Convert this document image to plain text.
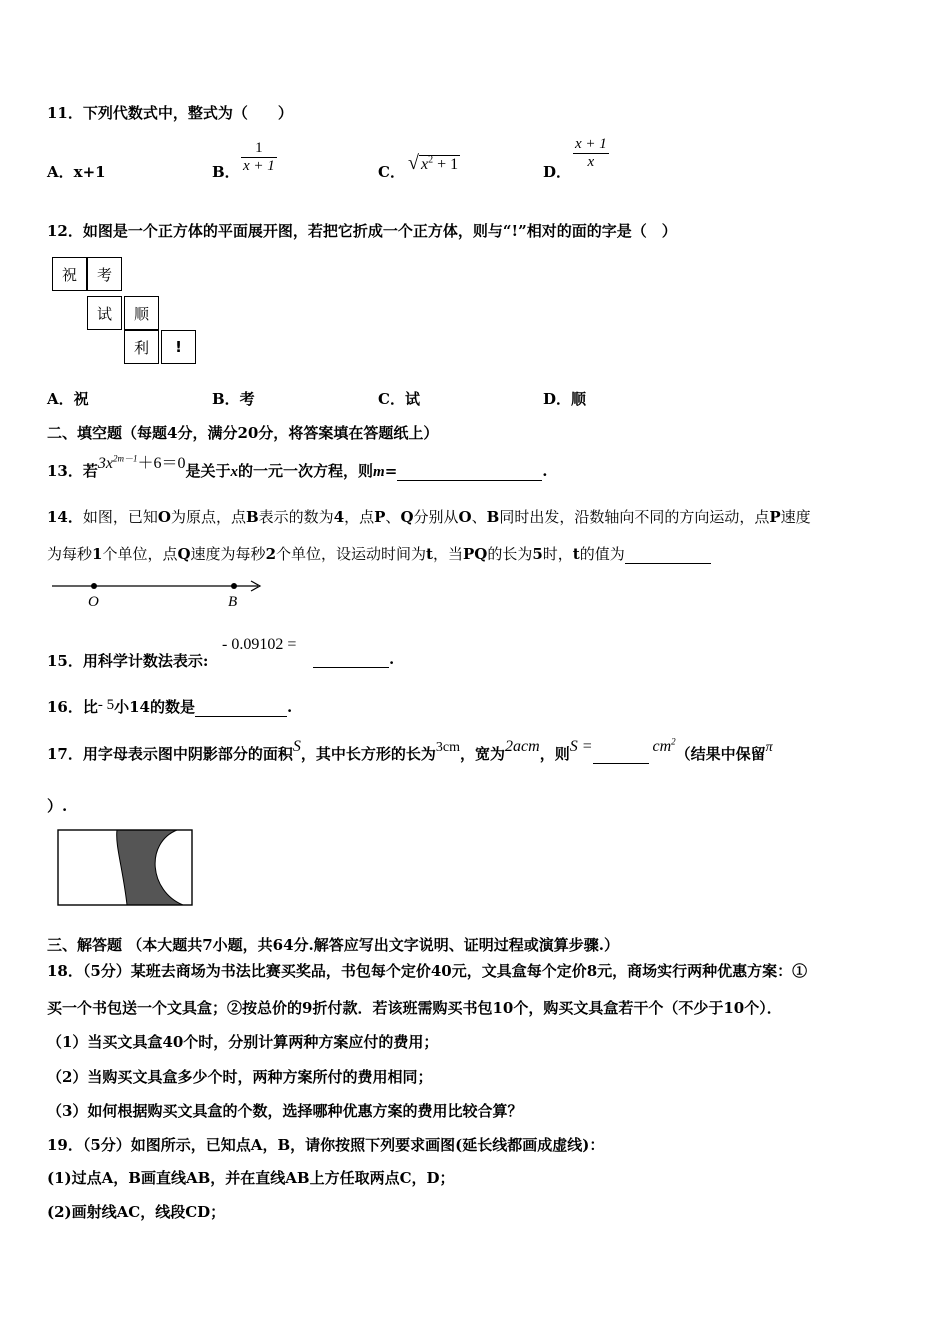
11．下列代数式中，整式为（　　）
A．x+1	B． $\frac{1}{x + 1}$	C． √ $x^2 + 1$	D．
$\frac{x + 1}{x}$
12．如图是一个正方体的平面展开图，若把它折成一个正方体，则与“!”相对的面的字是（　）
祝	考
试	顺
利	!
A．祝	B．考	C．试	D．顺
二、填空题（每题4分，满分20分，将答案填在答题纸上）
13．若$3x^{2m-1}+6=0$是关于x的一元一次方程，则m=	.
14．如图，已知O为原点，点B表示的数为4，点P、Q分别从O、B同时出发，沿数轴向不同的方向运动，点P速度
为每秒1个单位，点Q速度为每秒2个单位，设运动时间为t，当PQ的长为5时，t的值为
O	B
15．用科学计数法表示:
- 0.09102 =
.
16．比- 5小14的数是	.
17．用字母表示图中阴影部分的面积S，其中长方形的长为3cm，宽为2acm，则S =	$cm^2$（结果中保留π
）.
三、解答题 （本大题共7小题，共64分.解答应写出文字说明、证明过程或演算步骤.）
18．（5分）某班去商场为书法比赛买奖品，书包每个定价40元，文具盒每个定价8元，商场实行两种优惠方案：①
买一个书包送一个文具盒；②按总价的9折付款．若该班需购买书包10个，购买文具盒若干个（不少于10个）．
（1）当买文具盒40个时，分别计算两种方案应付的费用；
（2）当购买文具盒多少个时，两种方案所付的费用相同；
（3）如何根据购买文具盒的个数，选择哪种优惠方案的费用比较合算？
19．（5分）如图所示，已知点A，B，请你按照下列要求画图(延长线都画成虚线)：
(1)过点A，B画直线AB，并在直线AB上方任取两点C，D；
(2)画射线AC，线段CD；
